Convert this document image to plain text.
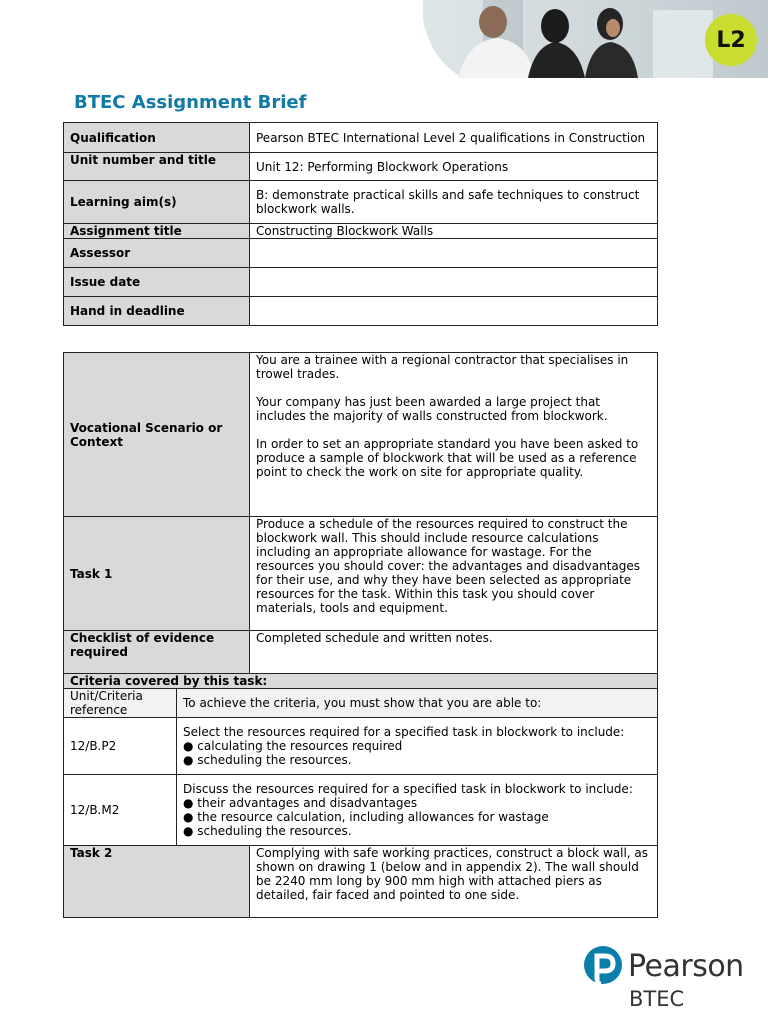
L2
BTEC Assignment Brief
Qualification	Pearson BTEC International Level 2 qualifications in Construction
Unit number and title	Unit 12: Performing Blockwork Operations
Learning aim(s)	B: demonstrate practical skills and safe techniques to construct blockwork walls.
Assignment title	Constructing Blockwork Walls
Assessor	
Issue date	
Hand in deadline	
Vocational Scenario or Context		You are a trainee with a regional contractor that specialises in trowel trades.

Your company has just been awarded a large project that includes the majority of walls constructed from blockwork.

In order to set an appropriate standard you have been asked to produce a sample of blockwork that will be used as a reference point to check the work on site for appropriate quality.

Task 1		Produce a schedule of the resources required to construct the blockwork wall. This should include resource calculations including an appropriate allowance for wastage. For the resources you should cover: the advantages and disadvantages for their use, and why they have been selected as appropriate resources for the task. Within this task you should cover materials, tools and equipment.
Checklist of evidence required		Completed schedule and written notes.
Criteria covered by this task:		
Unit/Criteria reference	To achieve the criteria, you must show that you are able to:	
12/B.P2	Select the resources required for a specified task in blockwork to include:
● calculating the resources required
● scheduling the resources.	

12/B.M2	Discuss the resources required for a specified task in blockwork to include:
● their advantages and disadvantages
● the resource calculation, including allowances for wastage
● scheduling the resources.	

Task 2		Complying with safe working practices, construct a block wall, as shown on drawing 1 (below and in appendix 2). The wall should be 2240 mm long by 900 mm high with attached piers as detailed, fair faced and pointed to one side.
Pearson
BTEC
